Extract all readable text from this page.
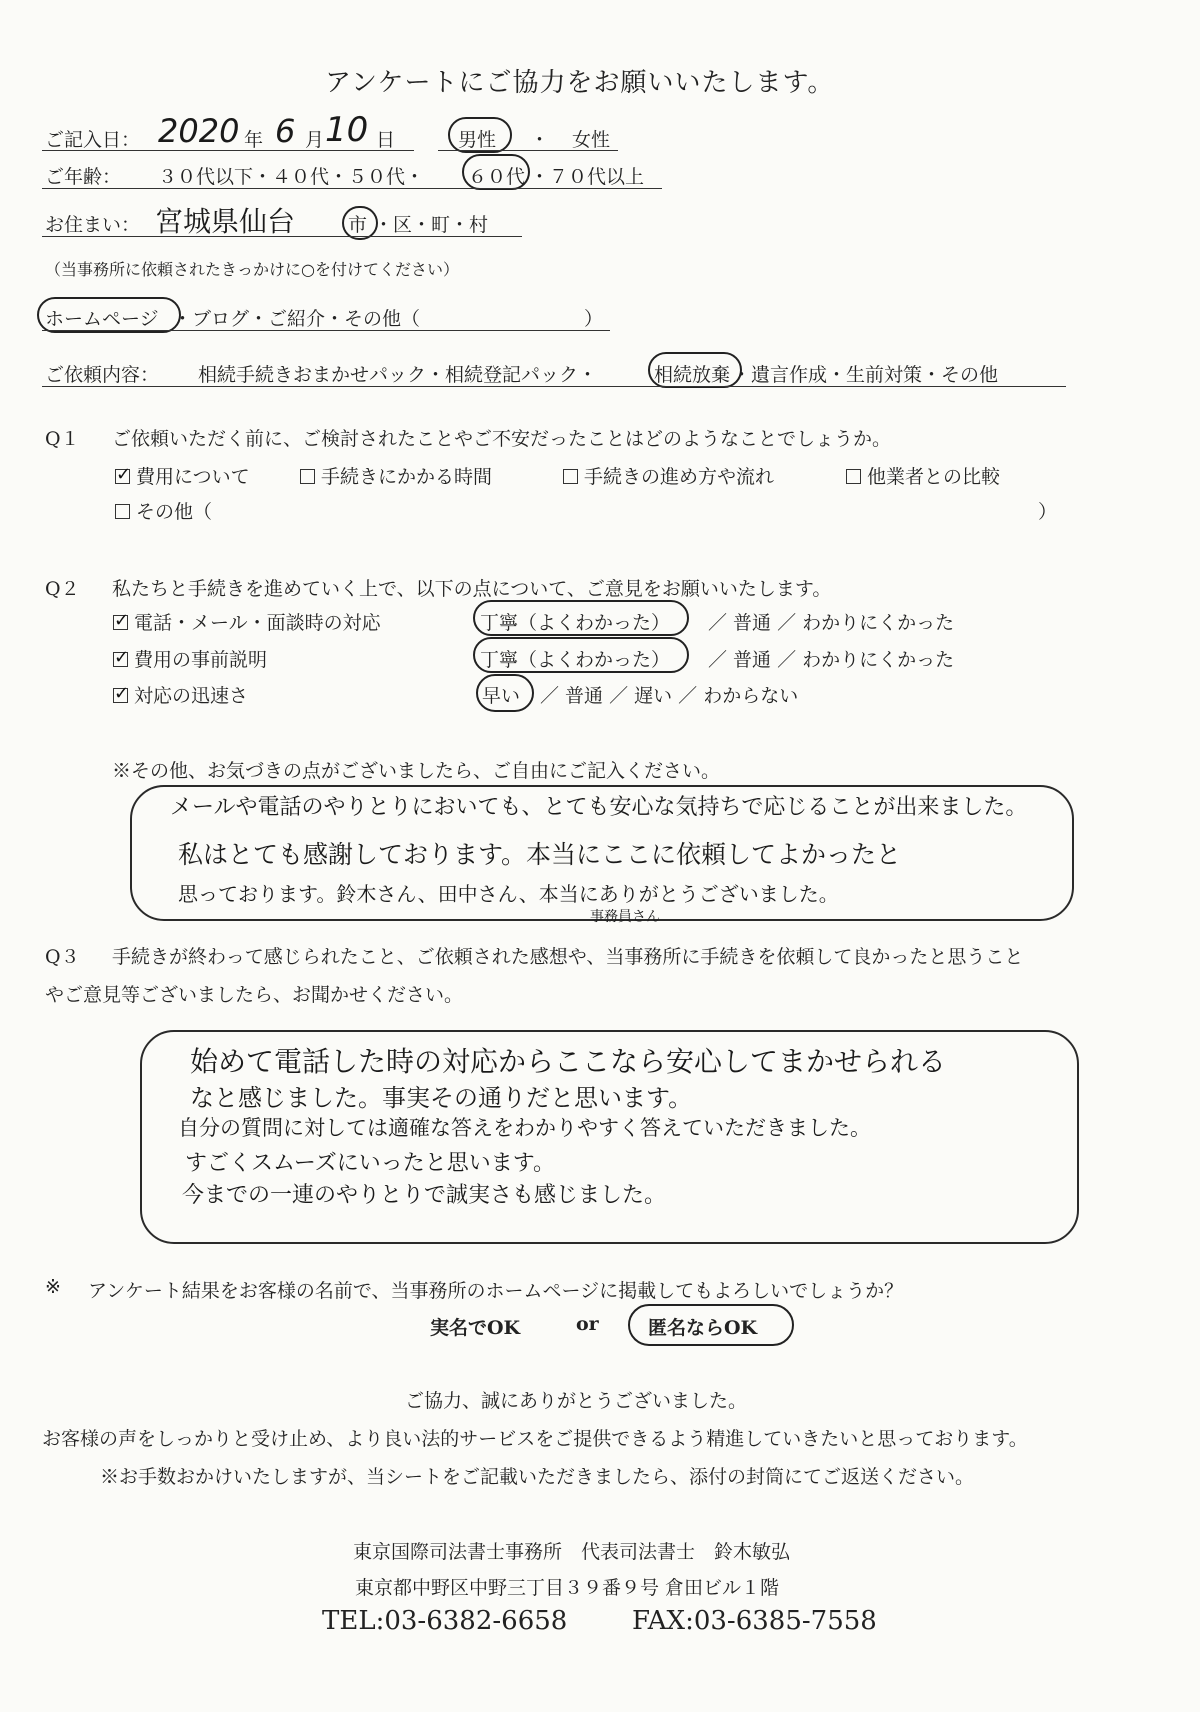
アンケートにご協力をお願いいたします。
ご記入日： 2020 年 6 月 10 日	男性 ・ 女性
ご年齢： ３０代以下・４０代・５０代・ ６０代 ・７０代以上
お住まい： 宮城県仙台	市 ・区・町・村
（当事務所に依頼されたきっかけに○を付けてください）
ホームページ ・ブログ・ご紹介・その他（	）
ご依頼内容： 相続手続きおまかせパック・相続登記パック・	相続放棄 ・遺言作成・生前対策・その他
Q１ ご依頼いただく前に、ご検討されたことやご不安だったことはどのようなことでしょうか。
✓費用について	手続きにかかる時間	手続きの進め方や流れ	他業者との比較
その他（	）
Q２ 私たちと手続きを進めていく上で、以下の点について、ご意見をお願いいたします。
✓電話・メール・面談時の対応	丁寧（よくわかった） ／ 普通 ／ わかりにくかった
✓費用の事前説明	丁寧（よくわかった） ／ 普通 ／ わかりにくかった
✓対応の迅速さ	早い ／ 普通 ／ 遅い ／ わからない
※その他、お気づきの点がございましたら、ご自由にご記入ください。
メールや電話のやりとりにおいても、とても安心な気持ちで応じることが出来ました。
私はとても感謝しております。本当にここに依頼してよかったと
思っております。鈴木さん、田中さん、本当にありがとうございました。
事務員さん
Q３ 手続きが終わって感じられたこと、ご依頼された感想や、当事務所に手続きを依頼して良かったと思うこと
やご意見等ございましたら、お聞かせください。
始めて電話した時の対応からここなら安心してまかせられる
なと感じました。事実その通りだと思います。
自分の質問に対しては適確な答えをわかりやすく答えていただきました。
すごくスムーズにいったと思います。
今までの一連のやりとりで誠実さも感じました。
※ アンケート結果をお客様の名前で、当事務所のホームページに掲載してもよろしいでしょうか？
実名でOK	or	匿名ならOK
ご協力、誠にありがとうございました。
お客様の声をしっかりと受け止め、より良い法的サービスをご提供できるよう精進していきたいと思っております。
※お手数おかけいたしますが、当シートをご記載いただきましたら、添付の封筒にてご返送ください。
東京国際司法書士事務所　代表司法書士　鈴木敏弘
東京都中野区中野三丁目３９番９号 倉田ビル１階
TEL:03-6382-6658 FAX:03-6385-7558
